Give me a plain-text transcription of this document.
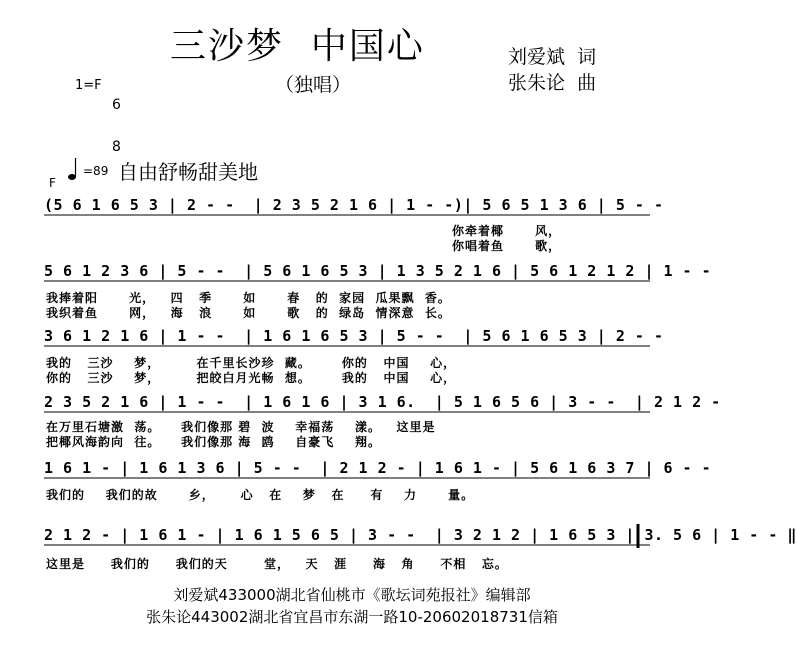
三沙梦  中国心
（独唱）
刘爱斌  词
张朱论  曲
1=F

6

8

F
=89 自由舒畅甜美地
(5 6 1 6 5 3 | 2 - -  | 2 3 5 2 1 6 | 1 - -)| 5 6 5 1 3 6 | 5 - -
你牵着椰      风，
你唱着鱼      歌，
5 6 1 2 3 6 | 5 - -  | 5 6 1 6 5 3 | 1 3 5 2 1 6 | 5 6 1 2 1 2 | 1 - -
我捧着阳      光，   四   季      如      春   的  家园  瓜果飘  香。
我织着鱼      网，   海   浪      如      歌   的  绿岛  情深意  长。
3 6 1 2 1 6 | 1 - -  | 1 6 1 6 5 3 | 5 - -  | 5 6 1 6 5 3 | 2 - -
我的   三沙    梦，       在千里长沙珍  藏。      你的   中国    心，
你的   三沙    梦，       把皎白月光畅  想。      我的   中国    心，
2 3 5 2 1 6 | 1 - -  | 1 6 1 6 | 3 1 6.  | 5 1 6 5 6 | 3 - -  | 2 1 2 -
在万里石塘激  荡。    我们像那 碧  波    幸福荡    漾。   这里是
把椰风海韵向  往。    我们像那 海  鸥    自豪飞    翔。
1 6 1 - | 1 6 1 3 6 | 5 - -  | 2 1 2 - | 1 6 1 - | 5 6 1 6 3 7 | 6 - -
我们的    我们的故      乡，     心   在    梦   在     有    力      量。
2 1 2 - | 1 6 1 - | 1 6 1 5 6 5 | 3 - -  | 3 2 1 2 | 1 6 5 3 | 3. 5 6 | 1 - - ‖
这里是     我们的     我们的天       堂，   天   涯     海   角     不相   忘。
刘爱斌433000湖北省仙桃市《歌坛词苑报社》编辑部
张朱论443002湖北省宜昌市东湖一路10-20602018731信箱
